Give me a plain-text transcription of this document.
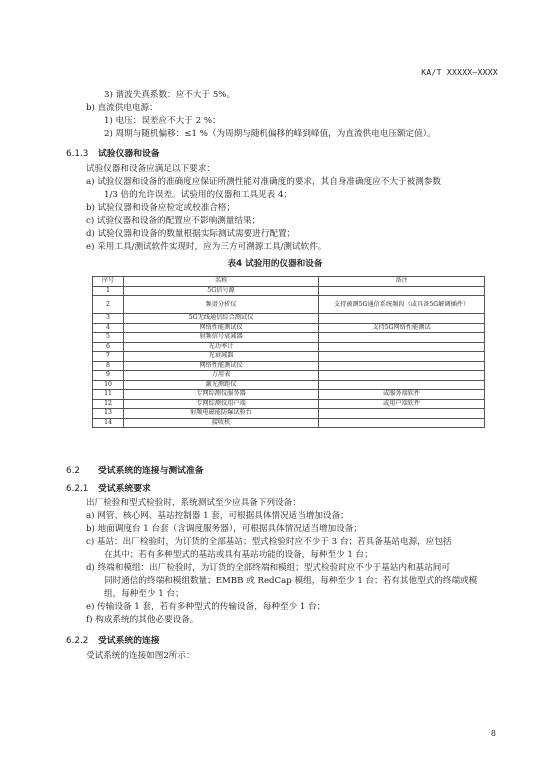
KA/T XXXXX—XXXX
3) 谐波失真系数：应不大于 5%。
b) 直流供电电源：
1) 电压：误差应不大于 2 %；
2) 周期与随机偏移：≤1 %（为周期与随机偏移的峰到峰值，为直流供电电压额定值）。
6.1.3 试验仪器和设备
试验仪器和设备应满足以下要求：
a) 试验仪器和设备的准确度应保证所测性能对准确度的要求，其自身准确度应不大于被测参数
1/3 倍的允许误差。试验用的仪器和工具见表 4；
b) 试验仪器和设备应检定或校准合格；
c) 试验仪器和设备的配置应不影响测量结果；
d) 试验仪器和设备的数量根据实际测试需要进行配置；
e) 采用工具/测试软件实现时，应为三方可溯源工具/测试软件。
表4 试验用的仪器和设备
序号	名称	备注
1	5G信号源	
2	频谱分析仪	支持被测5G通信系统频段（或具备5G解调插件）
3	5G无线通信综合测试仪	
4	网络性能测试仪	支持5G网络性能测试
5	射频信号衰减器	
6	光功率计	
7	光衰减器	
8	网络性能测试仪	
9	万用表	
10	激光测距仪	
11	专网综测仪服务器	或服务端软件
12	专网综测仪用户端	或用户端软件
13	射频电磁能防爆试验台	
14	接收机	
6.2 受试系统的连接与测试准备
6.2.1 受试系统要求
出厂检验和型式检验时，系统测试至少应具备下列设备：
a) 网管、核心网、基站控制器 1 套，可根据具体情况适当增加设备；
b) 地面调度台 1 台套（含调度服务器），可根据具体情况适当增加设备；
c) 基站：出厂检验时，为订货的全部基站；型式检验时应不少于 3 台；若具备基站电源，应包括
在其中；若有多种型式的基站或具有基站功能的设备，每种至少 1 台；
d) 终端和模组：出厂检验时，为订货的全部终端和模组；型式检验时应不少于基站内和基站间可
同时通信的终端和模组数量；EMBB 或 RedCap 模组，每种至少 1 台；若有其他型式的终端或模
组，每种至少 1 台；
e) 传输设备 1 套，若有多种型式的传输设备，每种至少 1 台；
f) 构成系统的其他必要设备。
6.2.2 受试系统的连接
受试系统的连接如图2所示：
8
